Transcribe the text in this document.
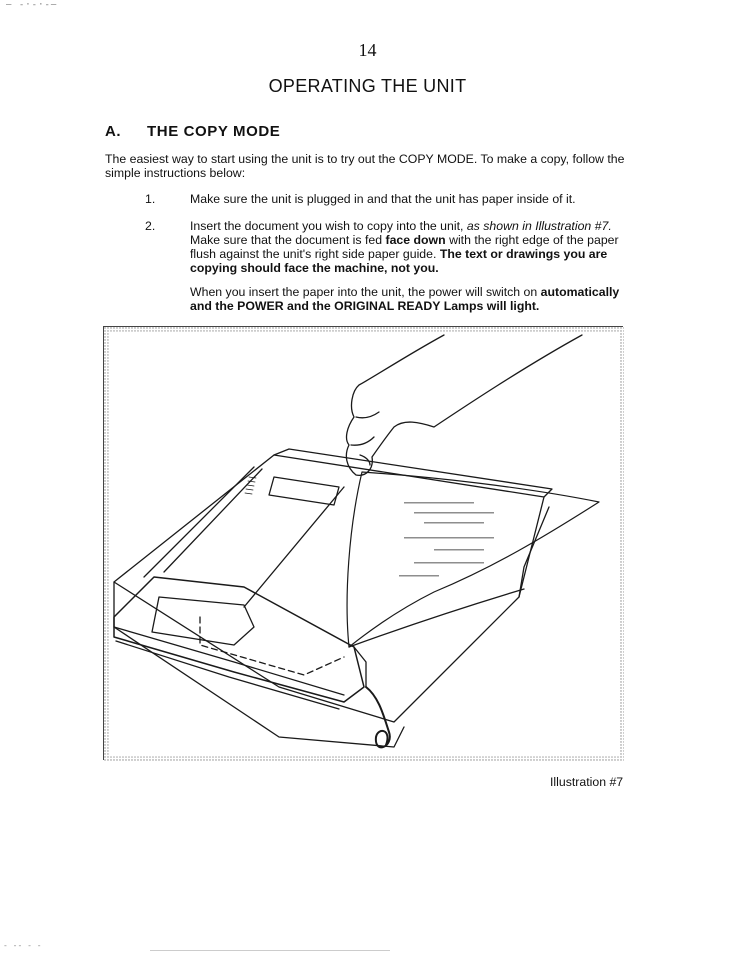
— -·-·-—
14
OPERATING THE UNIT
A. THE COPY MODE
The easiest way to start using the unit is to try out the COPY MODE. To make a copy, follow the simple instructions below:
1.	Make sure the unit is plugged in and that the unit has paper inside of it.
2.	Insert the document you wish to copy into the unit, as shown in Illustration #7. Make sure that the document is fed face down with the right edge of the paper flush against the unit's right side paper guide. The text or drawings you are copying should face the machine, not you.
When you insert the paper into the unit, the power will switch on automatically and the POWER and the ORIGINAL READY Lamps will light.
Illustration #7
- -- - -
